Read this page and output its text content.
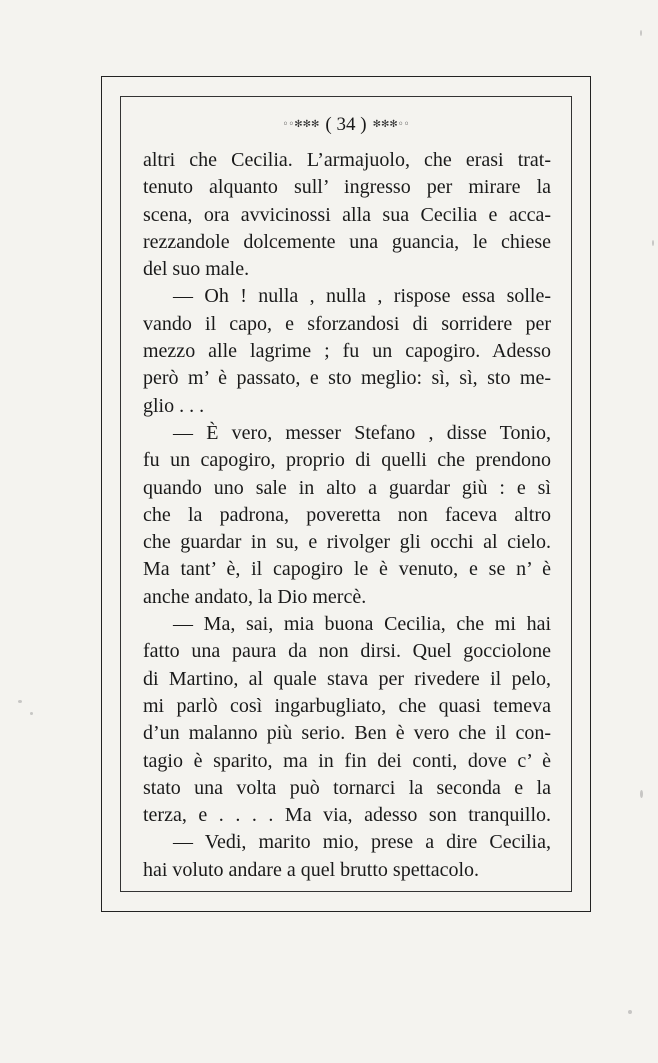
◦◦✻✻✻ ( 34 ) ✻✻✻◦◦
altri che Cecilia. L’armajuolo, che erasi trat-
tenuto alquanto sull’ ingresso per mirare la
scena, ora avvicinossi alla sua Cecilia e acca-
rezzandole dolcemente una guancia, le chiese
del suo male.
— Oh ! nulla , nulla , rispose essa solle-
vando il capo, e sforzandosi di sorridere per
mezzo alle lagrime ; fu un capogiro. Adesso
però m’ è passato, e sto meglio: sì, sì, sto me-
glio . . .
— È vero, messer Stefano , disse Tonio,
fu un capogiro, proprio di quelli che prendono
quando uno sale in alto a guardar giù : e sì
che la padrona, poveretta non faceva altro
che guardar in su, e rivolger gli occhi al cielo.
Ma tant’ è, il capogiro le è venuto, e se n’ è
anche andato, la Dio mercè.
— Ma, sai, mia buona Cecilia, che mi hai
fatto una paura da non dirsi. Quel gocciolone
di Martino, al quale stava per rivedere il pelo,
mi parlò così ingarbugliato, che quasi temeva
d’un malanno più serio. Ben è vero che il con-
tagio è sparito, ma in fin dei conti, dove c’ è
stato una volta può tornarci la seconda e la
terza, e . . . . Ma via, adesso son tranquillo.
— Vedi, marito mio, prese a dire Cecilia,
hai voluto andare a quel brutto spettacolo.
